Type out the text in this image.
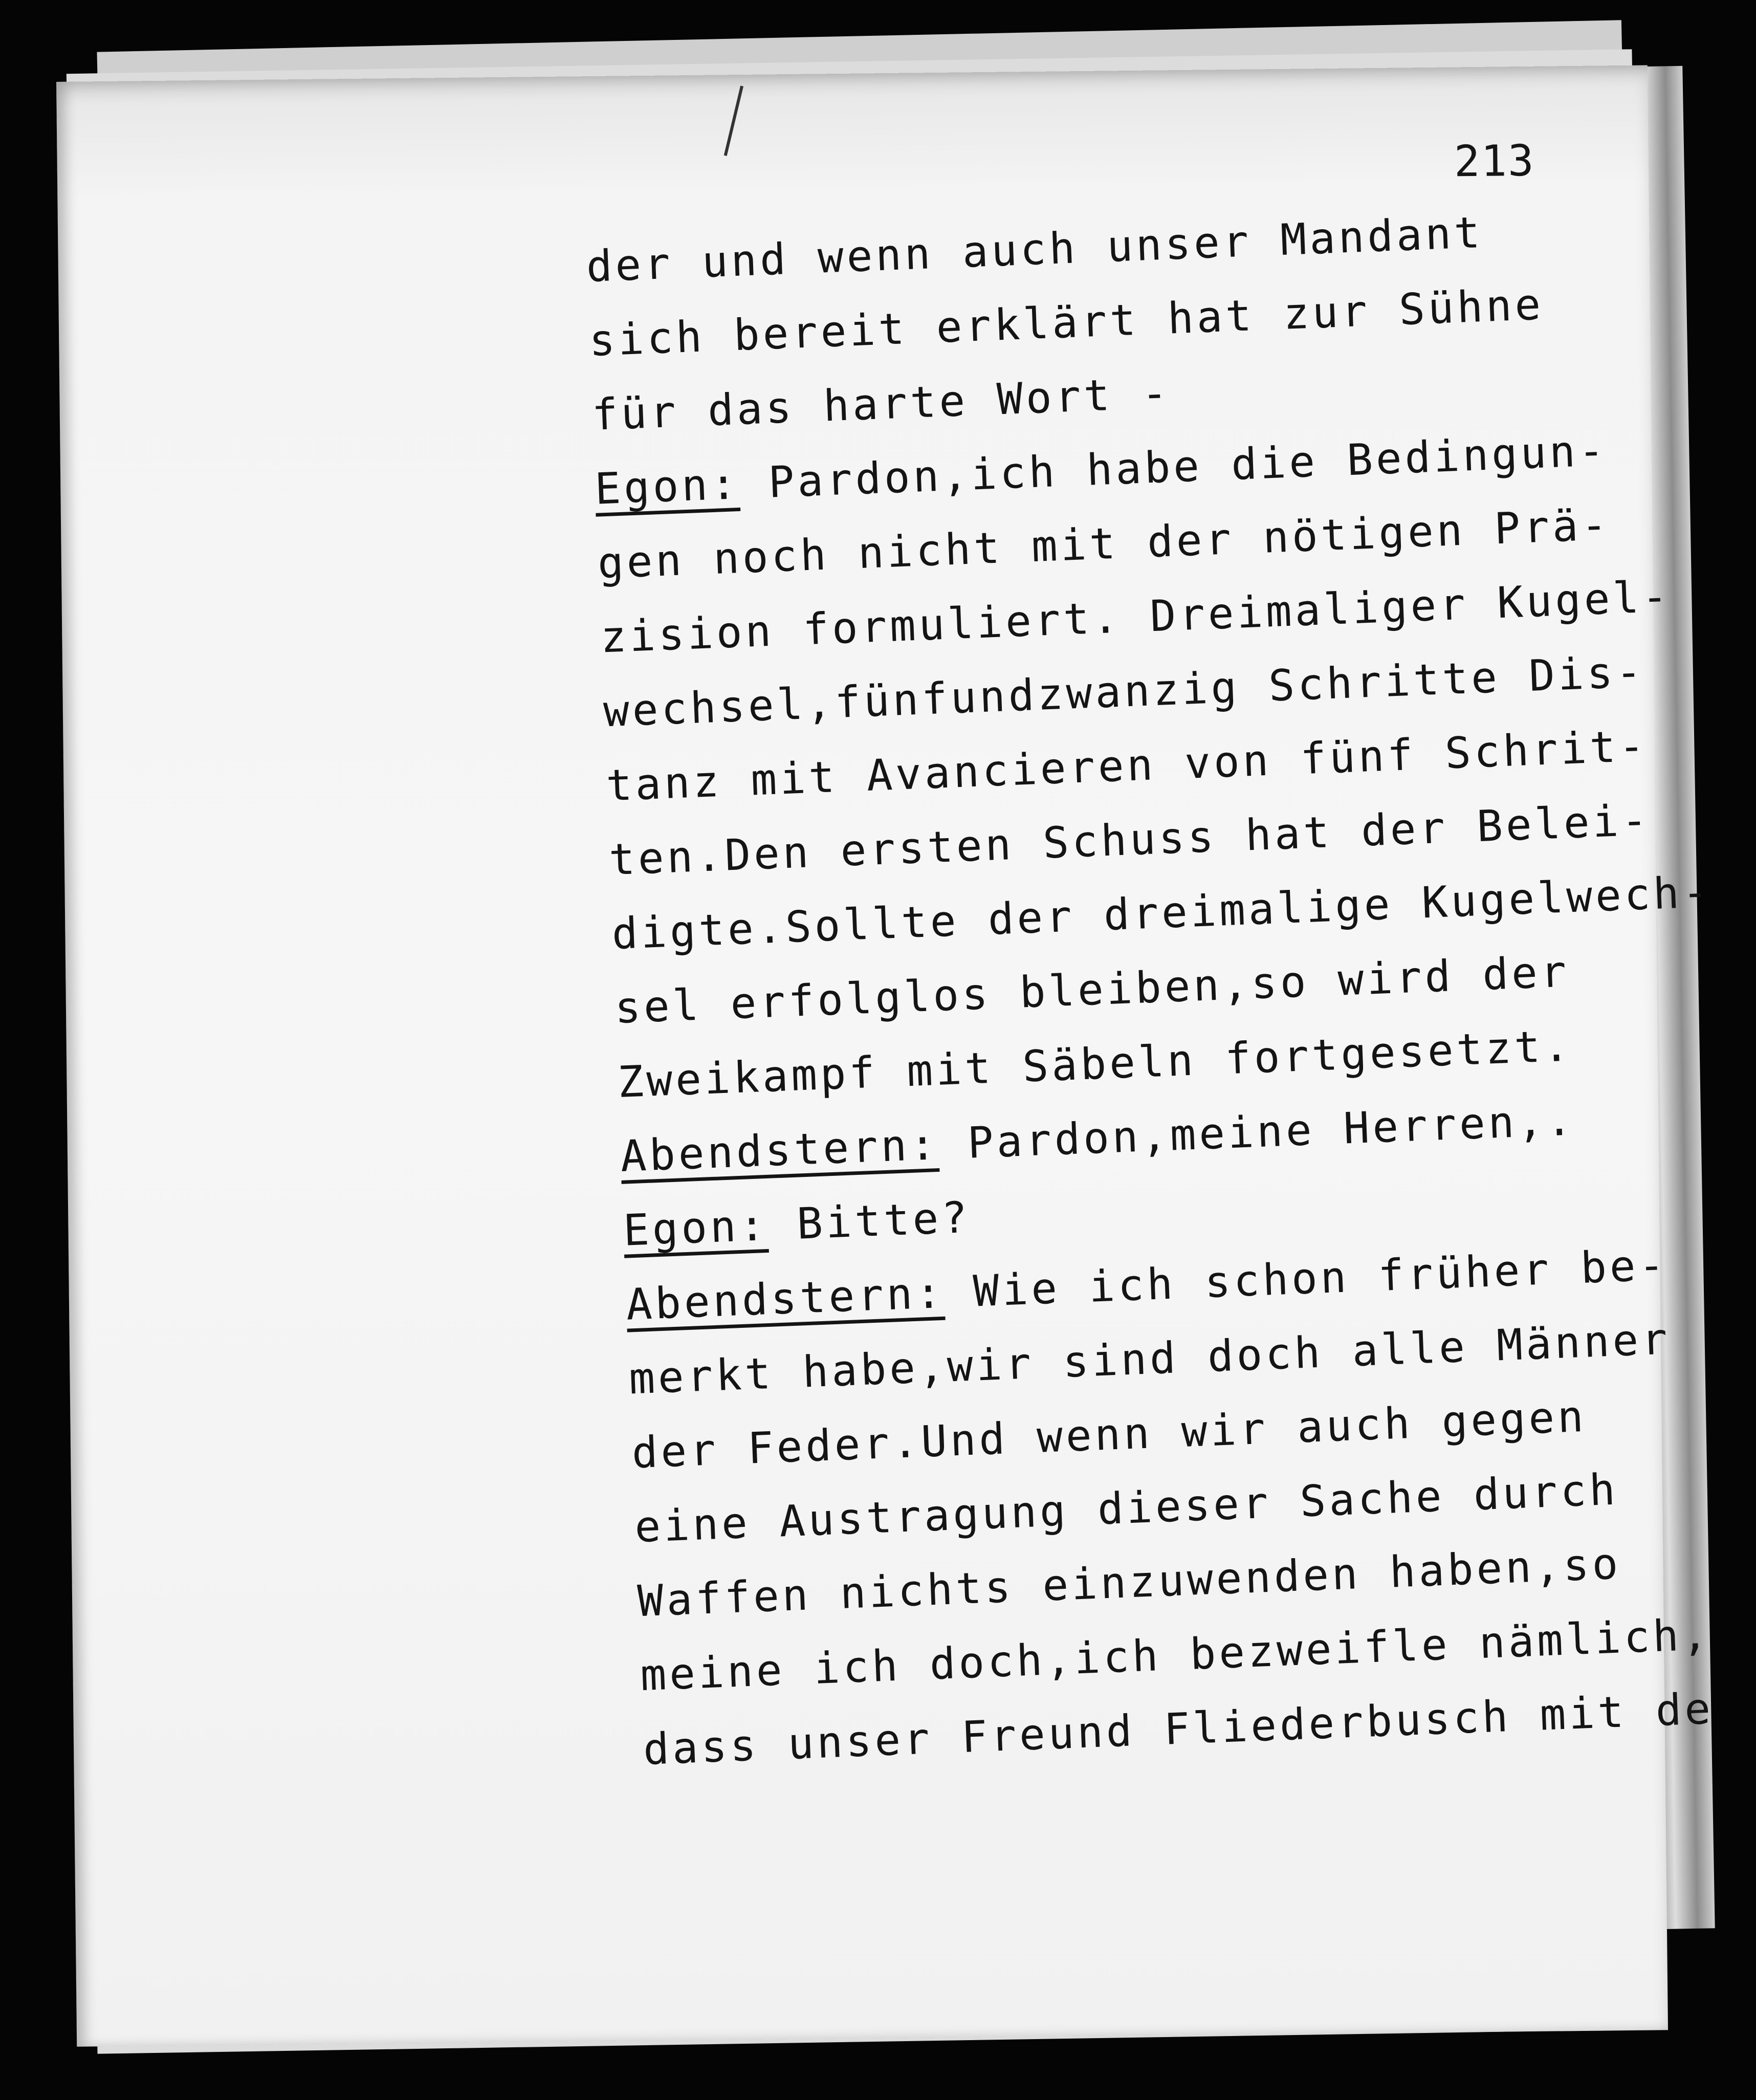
213
der und wenn auch unser Mandant
sich bereit erklärt hat zur Sühne
für das harte Wort -
Egon: Pardon,ich habe die Bedingun-
gen noch nicht mit der nötigen Prä-
zision formuliert. Dreimaliger Kugel-
wechsel,fünfundzwanzig Schritte Dis-
tanz mit Avancieren von fünf Schrit-
ten.Den ersten Schuss hat der Belei-
digte.Sollte der dreimalige Kugelwech-
sel erfolglos bleiben,so wird der
Zweikampf mit Säbeln fortgesetzt.
Abendstern: Pardon,meine Herren,.
Egon: Bitte?
Abendstern: Wie ich schon früher be-
merkt habe,wir sind doch alle Männer
der Feder.Und wenn wir auch gegen
eine Austragung dieser Sache durch
Waffen nichts einzuwenden haben,so
meine ich doch,ich bezweifle nämlich,
dass unser Freund Fliederbusch mit de
